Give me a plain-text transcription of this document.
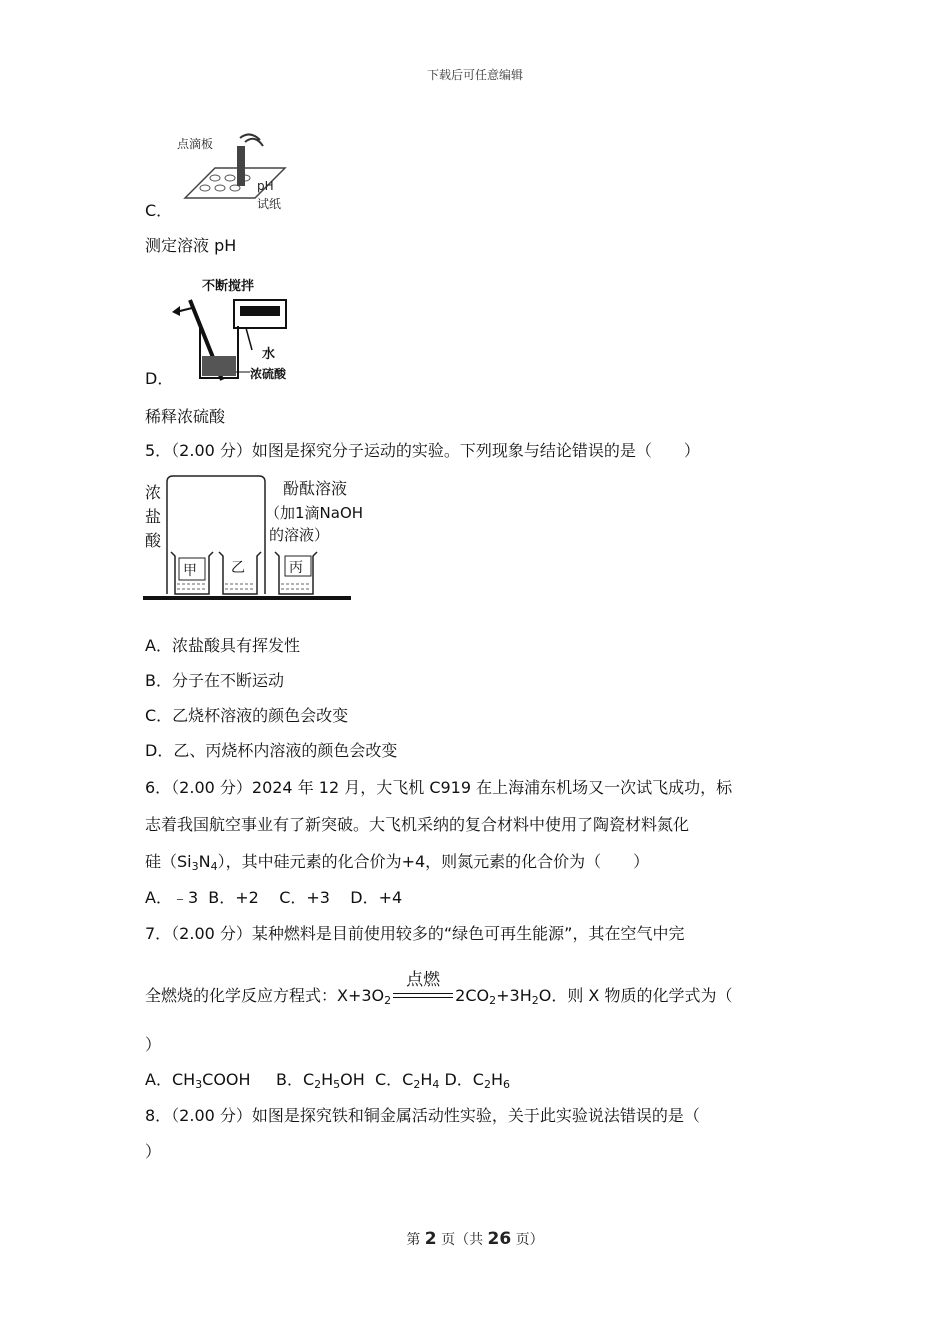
下载后可任意编辑
点滴板
pH
试纸
C．
测定溶液 pH
不断搅拌
水
浓硫酸
D．
稀释浓硫酸
5．（2.00 分）如图是探究分子运动的实验。下列现象与结论错误的是（　　）
浓
盐
酸
酚酞溶液
（加1滴NaOH
的溶液）
甲 乙	丙
A．浓盐酸具有挥发性
B．分子在不断运动
C．乙烧杯溶液的颜色会改变
D．乙、丙烧杯内溶液的颜色会改变
6．（2.00 分）2024 年 12 月，大飞机 C919 在上海浦东机场又一次试飞成功，标
志着我国航空事业有了新突破。大飞机采纳的复合材料中使用了陶瓷材料氮化
硅$(Si_3N_4)$，其中硅元素的化合价为+4，则氮元素的化合价为（　　）
A．﹣3  B．+2    C．+3    D．+4
7．（2.00 分）某种燃料是目前使用较多的“绿色可再生能源”，其在空气中完
全燃烧的化学反应方程式：$X+3O_2$
点燃
$2CO_2+3H_2O$．则 X 物质的化学式为（
）
A．$CH_3COOH$ B．$C_2H_5OH$ C．$C_2H_4$ D．$C_2H_6$
8．（2.00 分）如图是探究铁和铜金属活动性实验，关于此实验说法错误的是（
）
第 2 页（共 26 页）
